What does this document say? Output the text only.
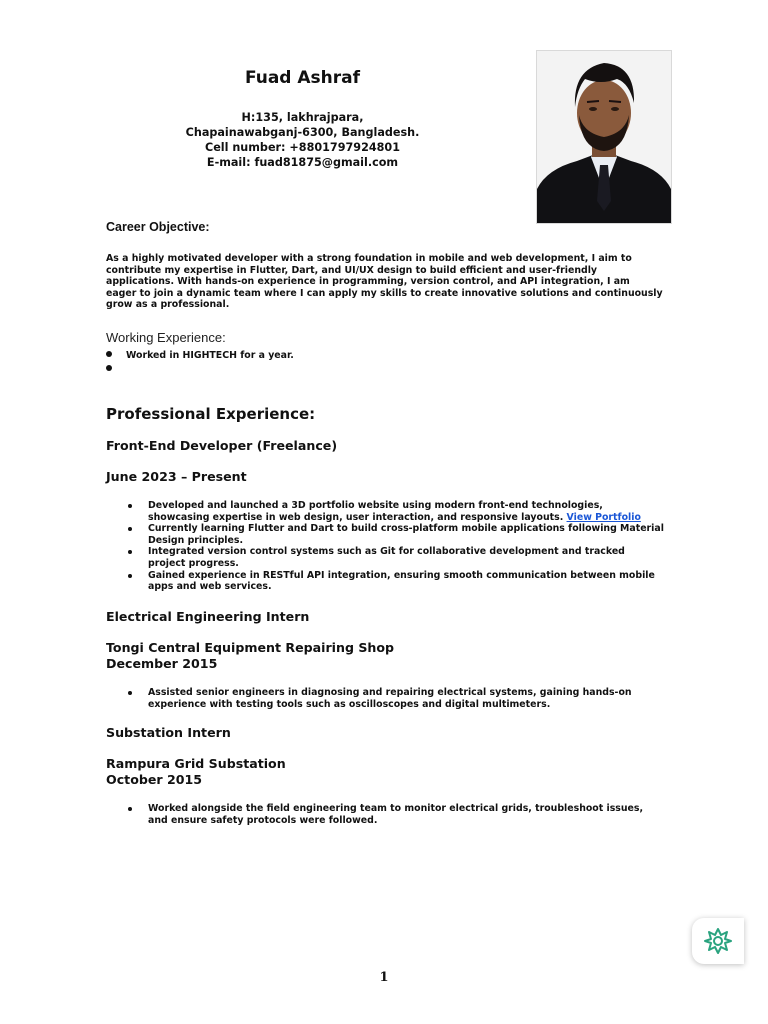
Fuad Ashraf
H:135, lakhrajpara,
Chapainawabganj-6300, Bangladesh.
Cell number: +8801797924801
E-mail: fuad81875@gmail.com
Career Objective:
As a highly motivated developer with a strong foundation in mobile and web development, I aim to
contribute my expertise in Flutter, Dart, and UI/UX design to build efficient and user-friendly
applications. With hands-on experience in programming, version control, and API integration, I am
eager to join a dynamic team where I can apply my skills to create innovative solutions and continuously
grow as a professional.
Working Experience:
Worked in HIGHTECH for a year.
Professional Experience:
Front-End Developer (Freelance)
June 2023 – Present

Developed and launched a 3D portfolio website using modern front-end technologies,
showcasing expertise in web design, user interaction, and responsive layouts. View Portfolio

Currently learning Flutter and Dart to build cross-platform mobile applications following Material
Design principles.

Integrated version control systems such as Git for collaborative development and tracked
project progress.

Gained experience in RESTful API integration, ensuring smooth communication between mobile
apps and web services.

Electrical Engineering Intern
Tongi Central Equipment Repairing Shop
December 2015

Assisted senior engineers in diagnosing and repairing electrical systems, gaining hands-on
experience with testing tools such as oscilloscopes and digital multimeters.

Substation Intern
Rampura Grid Substation
October 2015

Worked alongside the field engineering team to monitor electrical grids, troubleshoot issues,
and ensure safety protocols were followed.

1
